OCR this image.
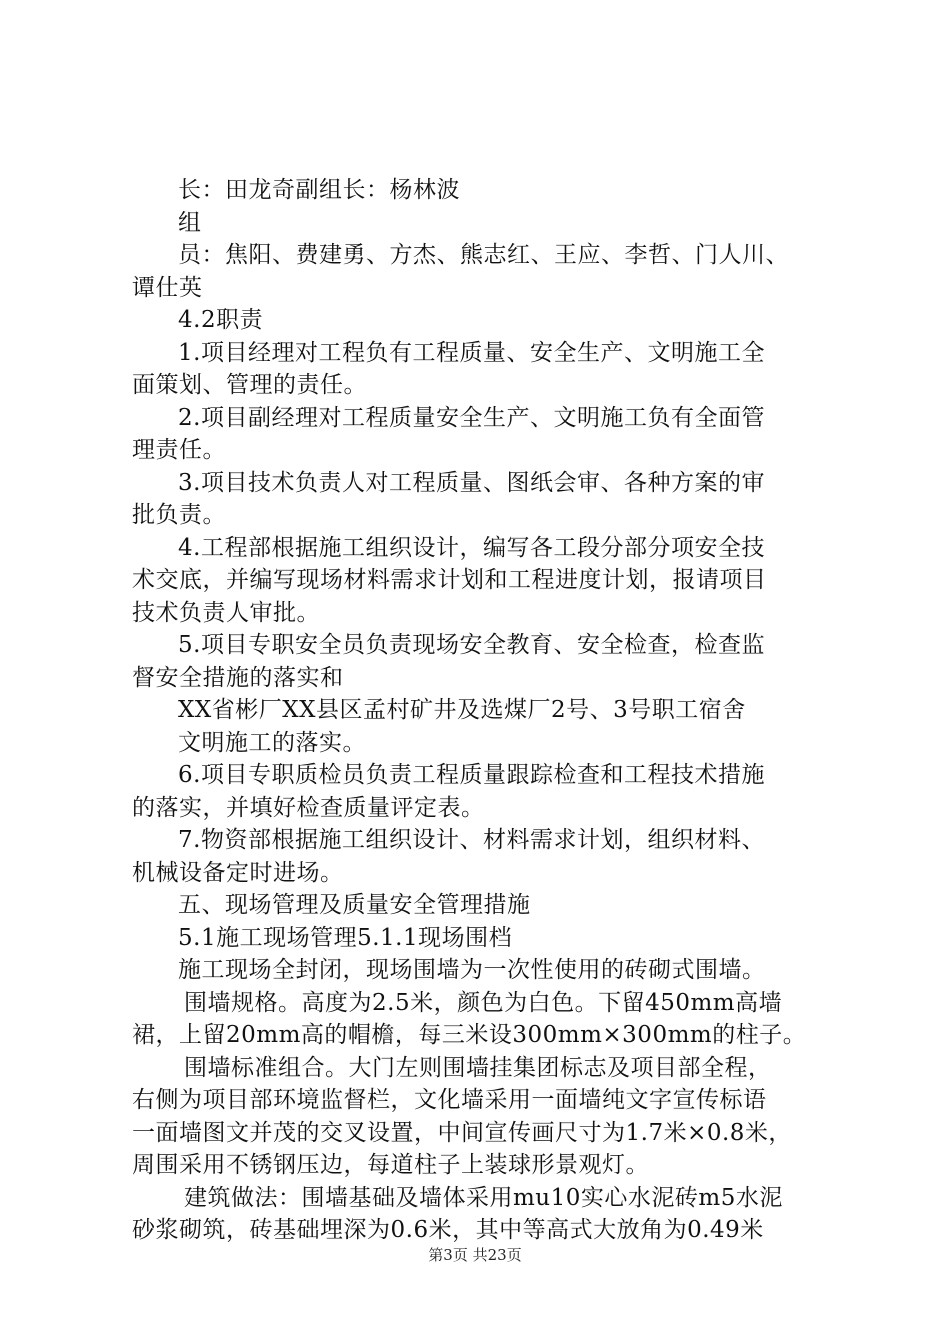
长：田龙奇副组长：杨林波
组
员：焦阳、费建勇、方杰、熊志红、王应、李哲、门人川、
谭仕英
4.2职责
1.项目经理对工程负有工程质量、安全生产、文明施工全
面策划、管理的责任。
2.项目副经理对工程质量安全生产、文明施工负有全面管
理责任。
3.项目技术负责人对工程质量、图纸会审、各种方案的审
批负责。
4.工程部根据施工组织设计，编写各工段分部分项安全技
术交底，并编写现场材料需求计划和工程进度计划，报请项目
技术负责人审批。
5.项目专职安全员负责现场安全教育、安全检查，检查监
督安全措施的落实和
XX省彬厂XX县区孟村矿井及选煤厂2号、3号职工宿舍
文明施工的落实。
6.项目专职质检员负责工程质量跟踪检查和工程技术措施
的落实，并填好检查质量评定表。
7.物资部根据施工组织设计、材料需求计划，组织材料、
机械设备定时进场。
五、现场管理及质量安全管理措施
5.1施工现场管理5.1.1现场围档
施工现场全封闭，现场围墙为一次性使用的砖砌式围墙。
围墙规格。高度为2.5米，颜色为白色。下留450mm高墙
裙，上留20mm高的帽檐，每三米设300mm×300mm的柱子。
围墙标准组合。大门左则围墙挂集团标志及项目部全程，
右侧为项目部环境监督栏，文化墙采用一面墙纯文字宣传标语
一面墙图文并茂的交叉设置，中间宣传画尺寸为1.7米×0.8米，
周围采用不锈钢压边，每道柱子上装球形景观灯。
建筑做法：围墙基础及墙体采用mu10实心水泥砖m5水泥
砂浆砌筑，砖基础埋深为0.6米，其中等高式大放角为0.49米
第3页 共23页
